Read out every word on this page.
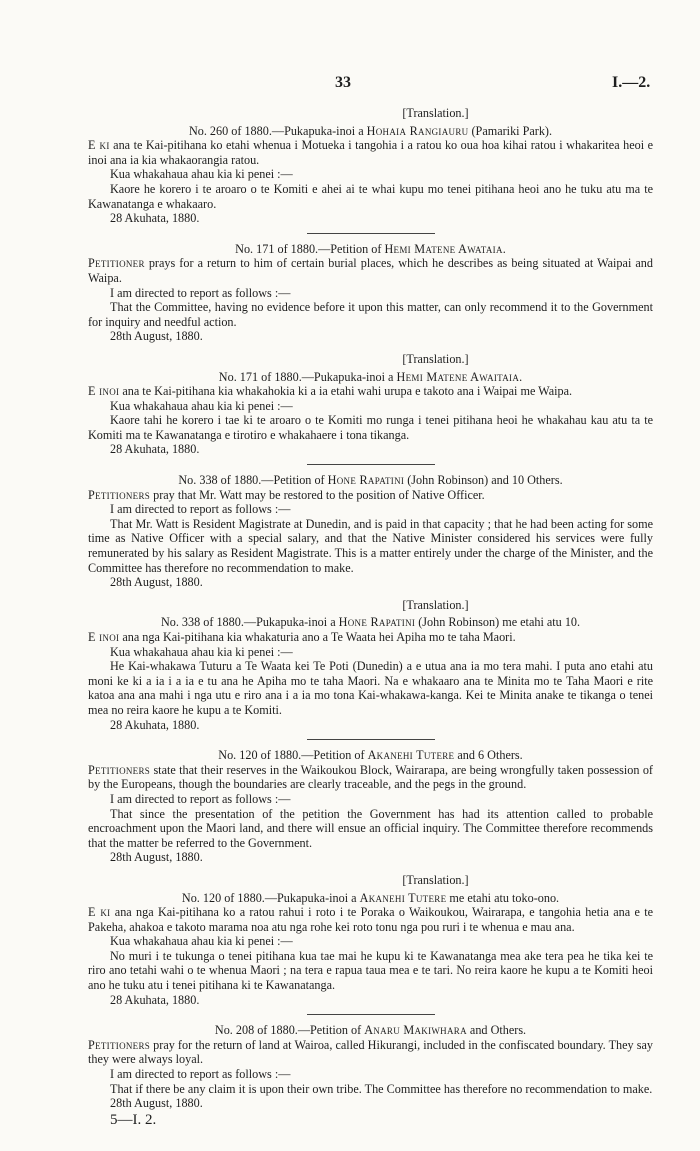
33	I.—2.
[Translation.]
No. 260 of 1880.—Pukapuka-inoi a Hohaia Rangiauru (Pamariki Park).

E ki ana te Kai-pitihana ko etahi whenua i Motueka i tangohia i a ratou ko oua hoa kihai ratou i whakaritea heoi e inoi ana ia kia whakaorangia ratou.

Kua whakahaua ahau kia ki penei :—

Kaore he korero i te aroaro o te Komiti e ahei ai te whai kupu mo tenei pitihana heoi ano he tuku atu ma te Kawanatanga e whakaaro.

28 Akuhata, 1880.
No. 171 of 1880.—Petition of Hemi Matene Awataia.

Petitioner prays for a return to him of certain burial places, which he describes as being situated at Waipai and Waipa.

I am directed to report as follows :—

That the Committee, having no evidence before it upon this matter, can only recommend it to the Government for inquiry and needful action.

28th August, 1880.
[Translation.]
No. 171 of 1880.—Pukapuka-inoi a Hemi Matene Awaitaia.

E inoi ana te Kai-pitihana kia whakahokia ki a ia etahi wahi urupa e takoto ana i Waipai me Waipa.

Kua whakahaua ahau kia ki penei :—

Kaore tahi he korero i tae ki te aroaro o te Komiti mo runga i tenei pitihana heoi he whakahau kau atu ta te Komiti ma te Kawanatanga e tirotiro e whakahaere i tona tikanga.

28 Akuhata, 1880.
No. 338 of 1880.—Petition of Hone Rapatini (John Robinson) and 10 Others.

Petitioners pray that Mr. Watt may be restored to the position of Native Officer.

I am directed to report as follows :—

That Mr. Watt is Resident Magistrate at Dunedin, and is paid in that capacity ; that he had been acting for some time as Native Officer with a special salary, and that the Native Minister considered his services were fully remunerated by his salary as Resident Magistrate. This is a matter entirely under the charge of the Minister, and the Committee has therefore no recommendation to make.

28th August, 1880.
[Translation.]
No. 338 of 1880.—Pukapuka-inoi a Hone Rapatini (John Robinson) me etahi atu 10.

E inoi ana nga Kai-pitihana kia whakaturia ano a Te Waata hei Apiha mo te taha Maori.

Kua whakahaua ahau kia ki penei :—

He Kai-whakawa Tuturu a Te Waata kei Te Poti (Dunedin) a e utua ana ia mo tera mahi. I puta ano etahi atu moni ke ki a ia i a ia e tu ana he Apiha mo te taha Maori. Na e whakaaro ana te Minita mo te Taha Maori e rite katoa ana ana mahi i nga utu e riro ana i a ia mo tona Kai-whakawa-kanga. Kei te Minita anake te tikanga o tenei mea no reira kaore he kupu a te Komiti.

28 Akuhata, 1880.
No. 120 of 1880.—Petition of Akanehi Tutere and 6 Others.

Petitioners state that their reserves in the Waikoukou Block, Wairarapa, are being wrongfully taken possession of by the Europeans, though the boundaries are clearly traceable, and the pegs in the ground.

I am directed to report as follows :—

That since the presentation of the petition the Government has had its attention called to probable encroachment upon the Maori land, and there will ensue an official inquiry. The Committee therefore recommends that the matter be referred to the Government.

28th August, 1880.
[Translation.]
No. 120 of 1880.—Pukapuka-inoi a Akanehi Tutere me etahi atu toko-ono.

E ki ana nga Kai-pitihana ko a ratou rahui i roto i te Poraka o Waikoukou, Wairarapa, e tangohia hetia ana e te Pakeha, ahakoa e takoto marama noa atu nga rohe kei roto tonu nga pou ruri i te whenua e mau ana.

Kua whakahaua ahau kia ki penei :—

No muri i te tukunga o tenei pitihana kua tae mai he kupu ki te Kawanatanga mea ake tera pea he tika kei te riro ano tetahi wahi o te whenua Maori ; na tera e rapua taua mea e te tari. No reira kaore he kupu a te Komiti heoi ano he tuku atu i tenei pitihana ki te Kawanatanga.

28 Akuhata, 1880.
No. 208 of 1880.—Petition of Anaru Makiwhara and Others.

Petitioners pray for the return of land at Wairoa, called Hikurangi, included in the confiscated boundary. They say they were always loyal.

I am directed to report as follows :—

That if there be any claim it is upon their own tribe. The Committee has therefore no recommendation to make.

28th August, 1880.
5—I. 2.
